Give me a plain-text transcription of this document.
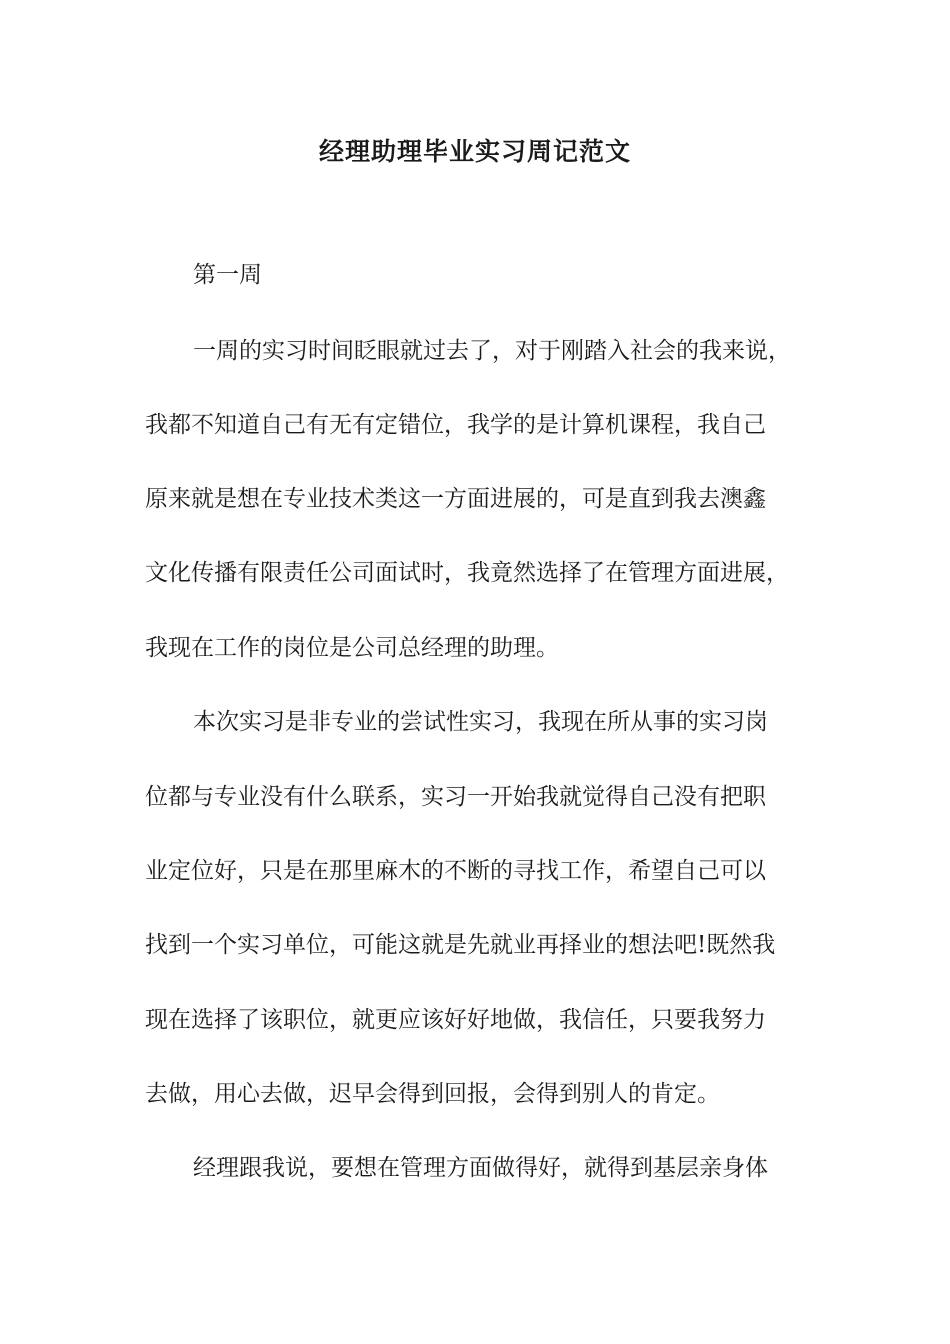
经理助理毕业实习周记范文
第一周
一周的实习时间眨眼就过去了，对于刚踏入社会的我来说，
我都不知道自己有无有定错位，我学的是计算机课程，我自己
原来就是想在专业技术类这一方面进展的，可是直到我去澳鑫
文化传播有限责任公司面试时，我竟然选择了在管理方面进展，
我现在工作的岗位是公司总经理的助理。
本次实习是非专业的尝试性实习，我现在所从事的实习岗
位都与专业没有什么联系，实习一开始我就觉得自己没有把职
业定位好，只是在那里麻木的不断的寻找工作，希望自己可以
找到一个实习单位，可能这就是先就业再择业的想法吧!既然我
现在选择了该职位，就更应该好好地做，我信任，只要我努力
去做，用心去做，迟早会得到回报，会得到别人的肯定。
经理跟我说，要想在管理方面做得好，就得到基层亲身体
